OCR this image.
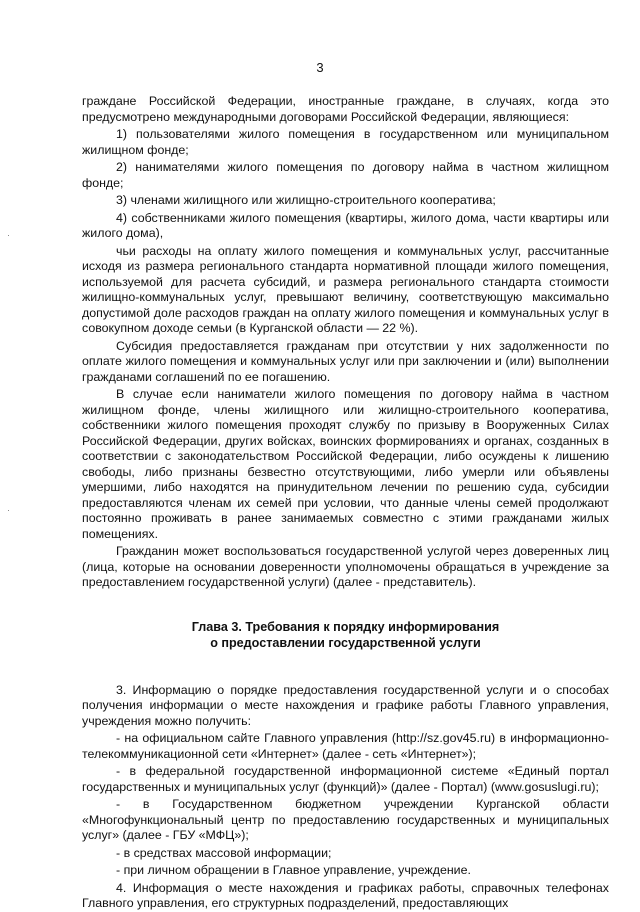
3
·
·

граждане Российской Федерации, иностранные граждане, в случаях, когда это предусмотрено международными договорами Российской Федерации, являющиеся:

1) пользователями жилого помещения в государственном или муниципальном жилищном фонде;

2) нанимателями жилого помещения по договору найма в частном жилищном фонде;

3) членами жилищного или жилищно-строительного кооператива;

4) собственниками жилого помещения (квартиры, жилого дома, части квартиры или жилого дома),

чьи расходы на оплату жилого помещения и коммунальных услуг, рассчитанные исходя из размера регионального стандарта нормативной площади жилого помещения, используемой для расчета субсидий, и размера регионального стандарта стоимости жилищно-коммунальных услуг, превышают величину, соответствующую максимально допустимой доле расходов граждан на оплату жилого помещения и коммунальных услуг в совокупном доходе семьи (в Курганской области — 22 %).

Субсидия предоставляется гражданам при отсутствии у них задолженности по оплате жилого помещения и коммунальных услуг или при заключении и (или) выполнении гражданами соглашений по ее погашению.

В случае если наниматели жилого помещения по договору найма в частном жилищном фонде, члены жилищного или жилищно-строительного кооператива, собственники жилого помещения проходят службу по призыву в Вооруженных Силах Российской Федерации, других войсках, воинских формированиях и органах, созданных в соответствии с законодательством Российской Федерации, либо осуждены к лишению свободы, либо признаны безвестно отсутствующими, либо умерли или объявлены умершими, либо находятся на принудительном лечении по решению суда, субсидии предоставляются членам их семей при условии, что данные члены семей продолжают постоянно проживать в ранее занимаемых совместно с этими гражданами жилых помещениях.

Гражданин может воспользоваться государственной услугой через доверенных лиц (лица, которые на основании доверенности уполномочены обращаться в учреждение за предоставлением государственной услуги) (далее - представитель).

Глава 3. Требования к порядку информирования
о предоставлении государственной услуги

3. Информацию о порядке предоставления государственной услуги и о способах получения информации о месте нахождения и графике работы Главного управления, учреждения можно получить:

- на официальном сайте Главного управления (http://sz.gov45.ru) в информационно-телекоммуникационной сети «Интернет» (далее - сеть «Интернет»);

- в федеральной государственной информационной системе «Единый портал государственных и муниципальных услуг (функций)» (далее - Портал) (www.gosuslugi.ru);

- в Государственном бюджетном учреждении Курганской области «Многофункциональный центр по предоставлению государственных и муниципальных услуг» (далее - ГБУ «МФЦ»);

- в средствах массовой информации;

- при личном обращении в Главное управление, учреждение.

4. Информация о месте нахождения и графиках работы, справочных телефонах Главного управления, его структурных подразделений, предоставляющих
